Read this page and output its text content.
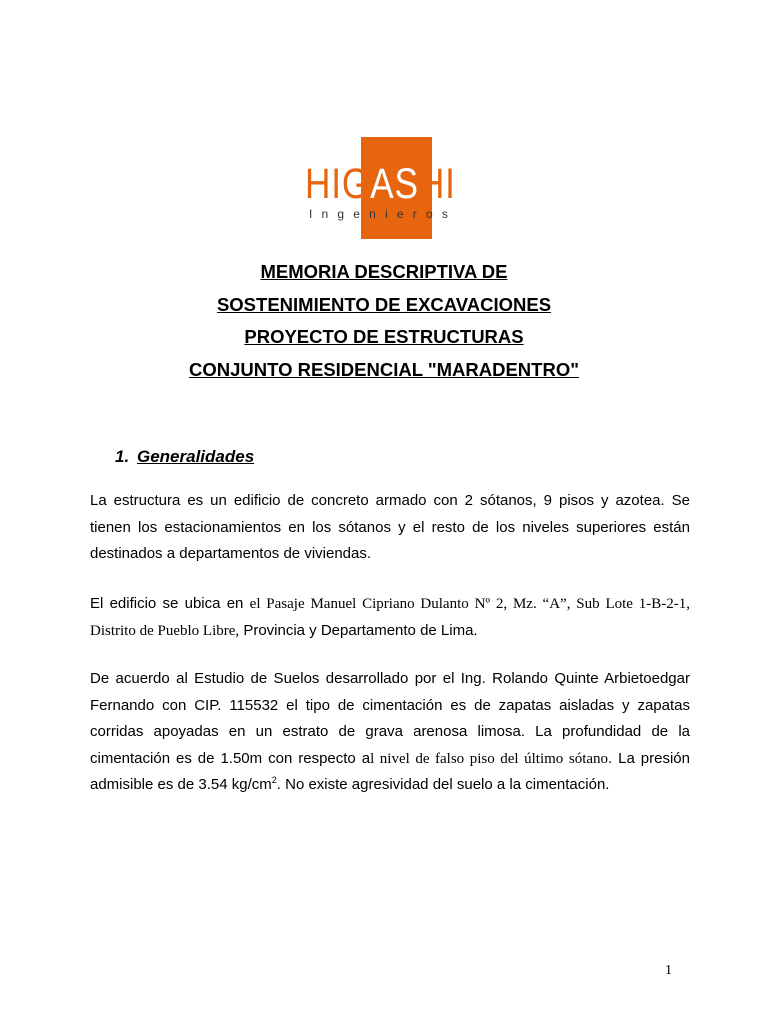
HIGASHI
Ingenieros
MEMORIA DESCRIPTIVA DE
SOSTENIMIENTO DE EXCAVACIONES
PROYECTO DE ESTRUCTURAS
CONJUNTO RESIDENCIAL "MARADENTRO"
1. Generalidades
La estructura es un edificio de concreto armado con 2 sótanos, 9 pisos y azotea. Se tienen los estacionamientos en los sótanos y el resto de los niveles superiores están destinados a departamentos de viviendas.
El edificio se ubica en el Pasaje Manuel Cipriano Dulanto Nº 2, Mz. “A”, Sub Lote 1-B-2-1, Distrito de Pueblo Libre, Provincia y Departamento de Lima.
De acuerdo al Estudio de Suelos desarrollado por el Ing. Rolando Quinte Arbietoedgar Fernando con CIP. 115532 el tipo de cimentación es de zapatas aisladas y zapatas corridas apoyadas en un estrato de grava arenosa limosa. La profundidad de la cimentación es de 1.50m con respecto al nivel de falso piso del último sótano. La presión admisible es de 3.54 $kg/cm^2$. No existe agresividad del suelo a la cimentación.
1
